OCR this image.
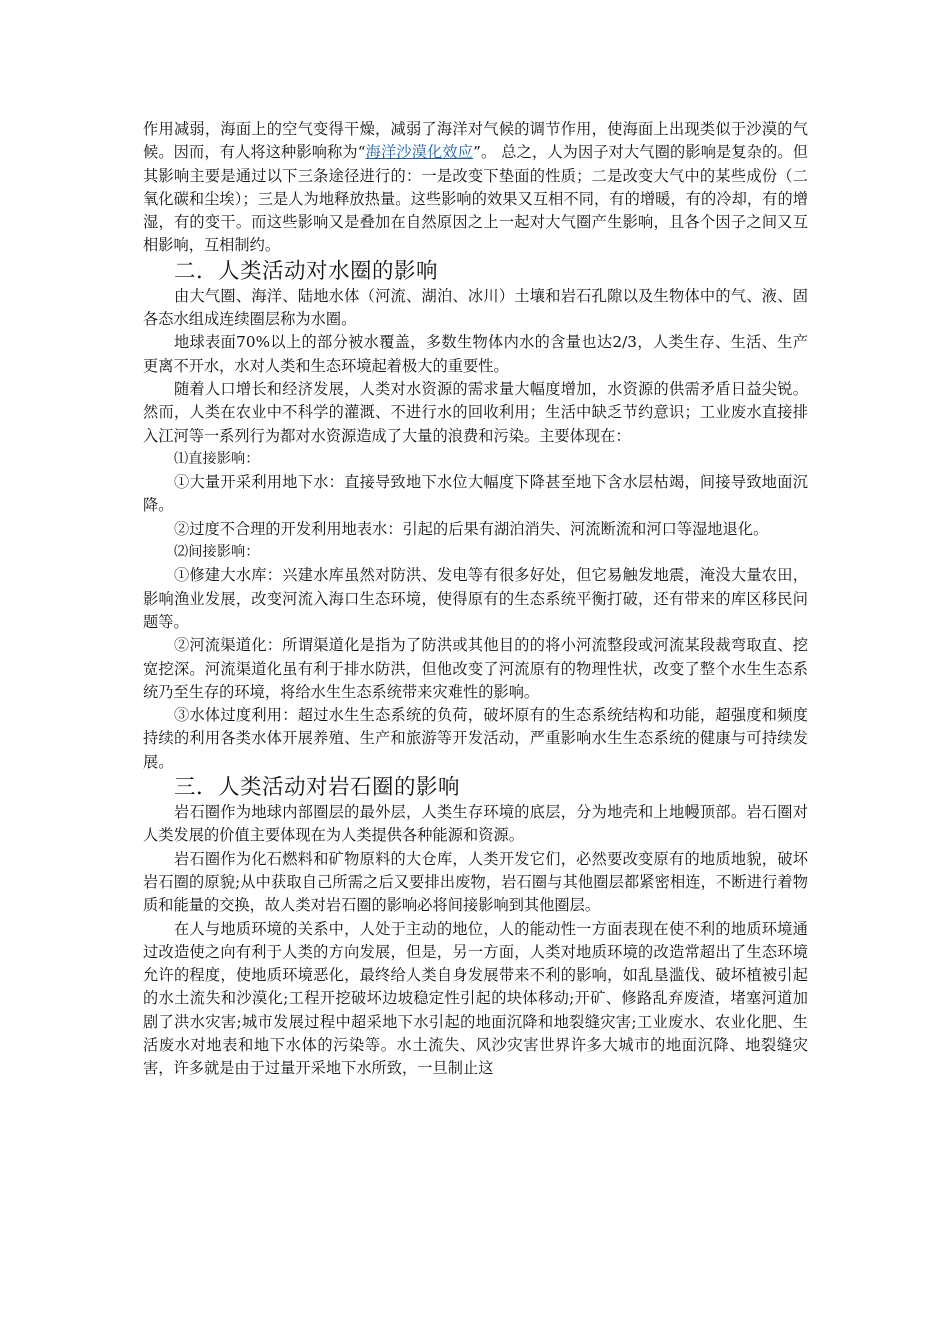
作用减弱，海面上的空气变得干燥，减弱了海洋对气候的调节作用，使海面上出现类似于沙漠的气候。因而，有人将这种影响称为“海洋沙漠化效应”。 总之，人为因子对大气圈的影响是复杂的。但其影响主要是通过以下三条途径进行的：一是改变下垫面的性质；二是改变大气中的某些成份（二氧化碳和尘埃）；三是人为地释放热量。这些影响的效果又互相不同，有的增暖，有的冷却，有的增湿，有的变干。而这些影响又是叠加在自然原因之上一起对大气圈产生影响，且各个因子之间又互相影响，互相制约。

二．人类活动对水圈的影响

由大气圈、海洋、陆地水体（河流、湖泊、冰川）土壤和岩石孔隙以及生物体中的气、液、固各态水组成连续圈层称为水圈。

地球表面70%以上的部分被水覆盖，多数生物体内水的含量也达2/3，人类生存、生活、生产更离不开水，水对人类和生态环境起着极大的重要性。

随着人口增长和经济发展，人类对水资源的需求量大幅度增加，水资源的供需矛盾日益尖锐。然而，人类在农业中不科学的灌溉、不进行水的回收利用；生活中缺乏节约意识；工业废水直接排入江河等一系列行为都对水资源造成了大量的浪费和污染。主要体现在：

⑴直接影响：

①大量开采利用地下水：直接导致地下水位大幅度下降甚至地下含水层枯竭，间接导致地面沉降。

②过度不合理的开发利用地表水：引起的后果有湖泊消失、河流断流和河口等湿地退化。

⑵间接影响：

①修建大水库：兴建水库虽然对防洪、发电等有很多好处，但它易触发地震，淹没大量农田，影响渔业发展，改变河流入海口生态环境，使得原有的生态系统平衡打破，还有带来的库区移民问题等。

②河流渠道化：所谓渠道化是指为了防洪或其他目的的将小河流整段或河流某段裁弯取直、挖宽挖深。河流渠道化虽有利于排水防洪，但他改变了河流原有的物理性状，改变了整个水生生态系统乃至生存的环境，将给水生生态系统带来灾难性的影响。

③水体过度利用：超过水生生态系统的负荷，破坏原有的生态系统结构和功能，超强度和频度持续的利用各类水体开展养殖、生产和旅游等开发活动，严重影响水生生态系统的健康与可持续发展。

三．人类活动对岩石圈的影响

岩石圈作为地球内部圈层的最外层，人类生存环境的底层，分为地壳和上地幔顶部。岩石圈对人类发展的价值主要体现在为人类提供各种能源和资源。

岩石圈作为化石燃料和矿物原料的大仓库，人类开发它们，必然要改变原有的地质地貌，破坏岩石圈的原貌;从中获取自己所需之后又要排出废物，岩石圈与其他圈层都紧密相连，不断进行着物质和能量的交换，故人类对岩石圈的影响必将间接影响到其他圈层。

在人与地质环境的关系中，人处于主动的地位，人的能动性一方面表现在使不利的地质环境通过改造使之向有利于人类的方向发展，但是，另一方面，人类对地质环境的改造常超出了生态环境允许的程度，使地质环境恶化，最终给人类自身发展带来不利的影响，如乱垦滥伐、破坏植被引起的水土流失和沙漠化;工程开挖破坏边坡稳定性引起的块体移动;开矿、修路乱弃废渣，堵塞河道加剧了洪水灾害;城市发展过程中超采地下水引起的地面沉降和地裂缝灾害;工业废水、农业化肥、生活废水对地表和地下水体的污染等。水土流失、风沙灾害世界许多大城市的地面沉降、地裂缝灾害，许多就是由于过量开采地下水所致，一旦制止这
